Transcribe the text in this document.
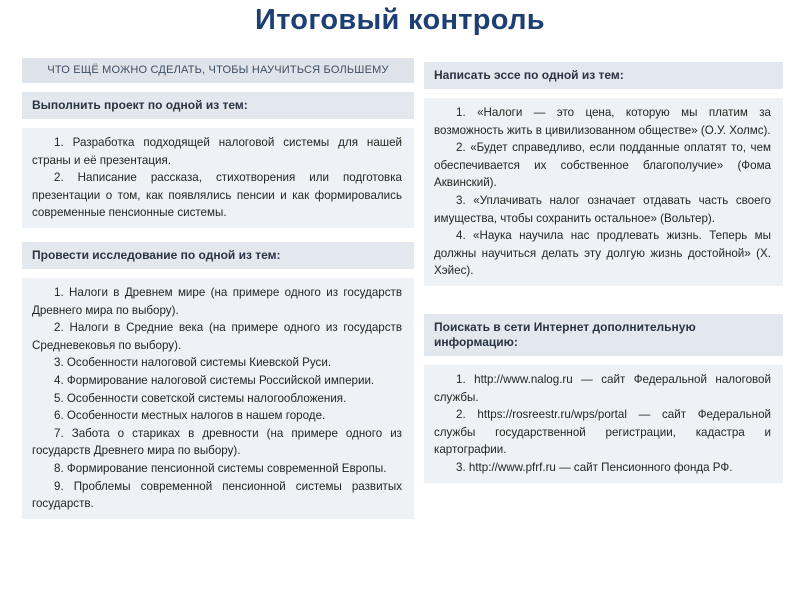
Итоговый контроль
ЧТО ЕЩЁ МОЖНО СДЕЛАТЬ, ЧТОБЫ НАУЧИТЬСЯ БОЛЬШЕМУ
Выполнить проект по одной из тем:

1. Разработка подходящей налоговой системы для нашей страны и её презентация.

2. Написание рассказа, стихотворения или подготовка презентации о том, как появлялись пенсии и как формировались современные пенсионные системы.

Провести исследование по одной из тем:

1. Налоги в Древнем мире (на примере одного из государств Древнего мира по выбору).

2. Налоги в Средние века (на примере одного из государств Средневековья по выбору).

3. Особенности налоговой системы Киевской Руси.

4. Формирование налоговой системы Российской империи.

5. Особенности советской системы налогообложения.

6. Особенности местных налогов в нашем городе.

7. Забота о стариках в древности (на примере одного из государств Древнего мира по выбору).

8. Формирование пенсионной системы современной Европы.

9. Проблемы современной пенсионной системы развитых государств.

Написать эссе по одной из тем:

1. «Налоги — это цена, которую мы платим за возможность жить в цивилизованном обществе» (О.У. Холмс).

2. «Будет справедливо, если подданные оплатят то, чем обеспечивается их собственное благополучие» (Фома Аквинский).

3. «Уплачивать налог означает отдавать часть своего имущества, чтобы сохранить остальное» (Вольтер).

4. «Наука научила нас продлевать жизнь. Теперь мы должны научиться делать эту долгую жизнь достойной» (Х. Хэйес).

Поискать в сети Интернет дополнительную информацию:

1. http://www.nalog.ru — сайт Федеральной налоговой службы.

2. https://rosreestr.ru/wps/portal — сайт Федеральной службы государственной регистрации, кадастра и картографии.

3. http://www.pfrf.ru — сайт Пенсионного фонда РФ.
